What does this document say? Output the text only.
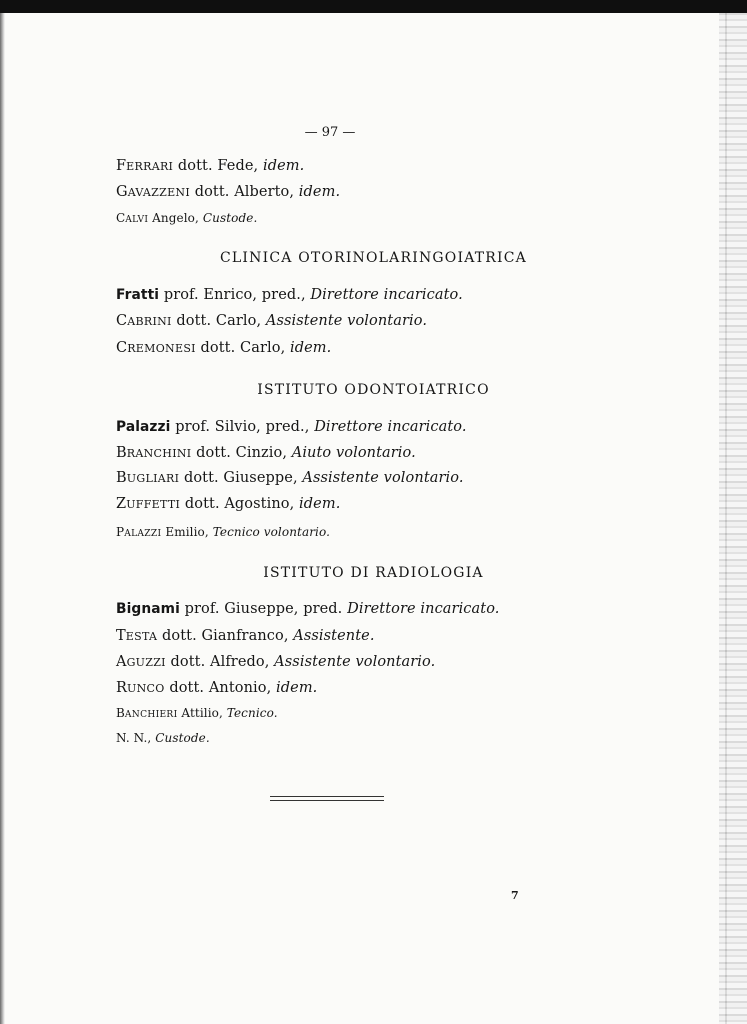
— 97 —
FERRARI dott. Fede, idem.
GAVAZZENI dott. Alberto, idem.
CALVI Angelo, Custode.
CLINICA OTORINOLARINGOIATRICA
Fratti prof. Enrico, pred., Direttore incaricato.
CABRINI dott. Carlo, Assistente volontario.
CREMONESI dott. Carlo, idem.
ISTITUTO ODONTOIATRICO
Palazzi prof. Silvio, pred., Direttore incaricato.
BRANCHINI dott. Cinzio, Aiuto volontario.
BUGLIARI dott. Giuseppe, Assistente volontario.
ZUFFETTI dott. Agostino, idem.
PALAZZI Emilio, Tecnico volontario.
ISTITUTO DI RADIOLOGIA
Bignami prof. Giuseppe, pred. Direttore incaricato.
TESTA dott. Gianfranco, Assistente.
AGUZZI dott. Alfredo, Assistente volontario.
RUNCO dott. Antonio, idem.
BANCHIERI Attilio, Tecnico.
N. N., Custode.
7
